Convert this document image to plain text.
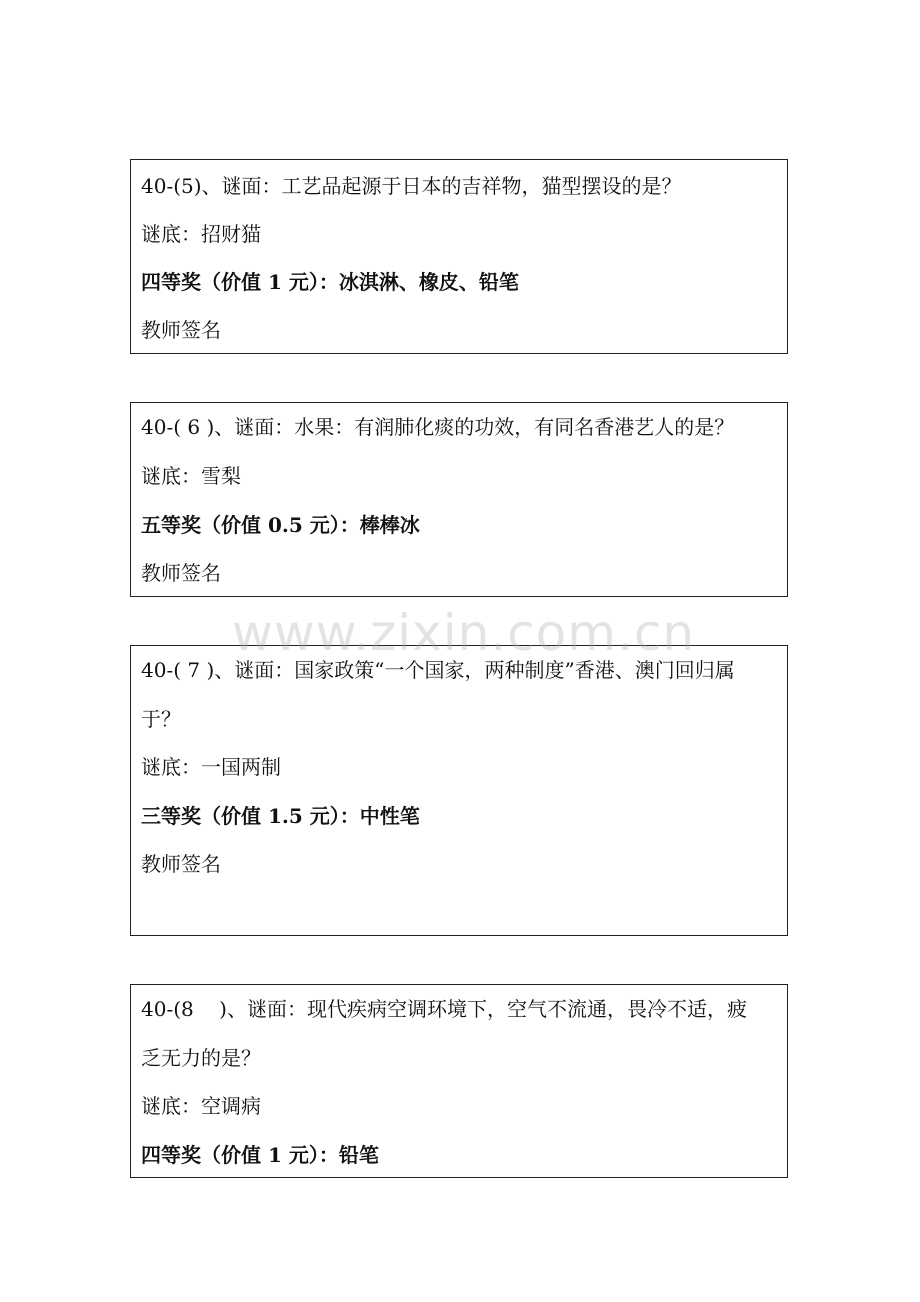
40-(5)、谜面：工艺品起源于日本的吉祥物，猫型摆设的是？
谜底：招财猫
四等奖（价值 1 元）：冰淇淋、橡皮、铅笔
教师签名
40-( 6 )、谜面：水果：有润肺化痰的功效，有同名香港艺人的是？
谜底：雪梨
五等奖（价值 0.5 元）：棒棒冰
教师签名
40-( 7 )、谜面：国家政策“一个国家，两种制度”香港、澳门回归属
于？
谜底：一国两制
三等奖（价值 1.5 元）：中性笔
教师签名
40-(8    )、谜面：现代疾病空调环境下，空气不流通，畏冷不适，疲
乏无力的是？
谜底：空调病
四等奖（价值 1 元）：铅笔
www.zixin.com.cn
